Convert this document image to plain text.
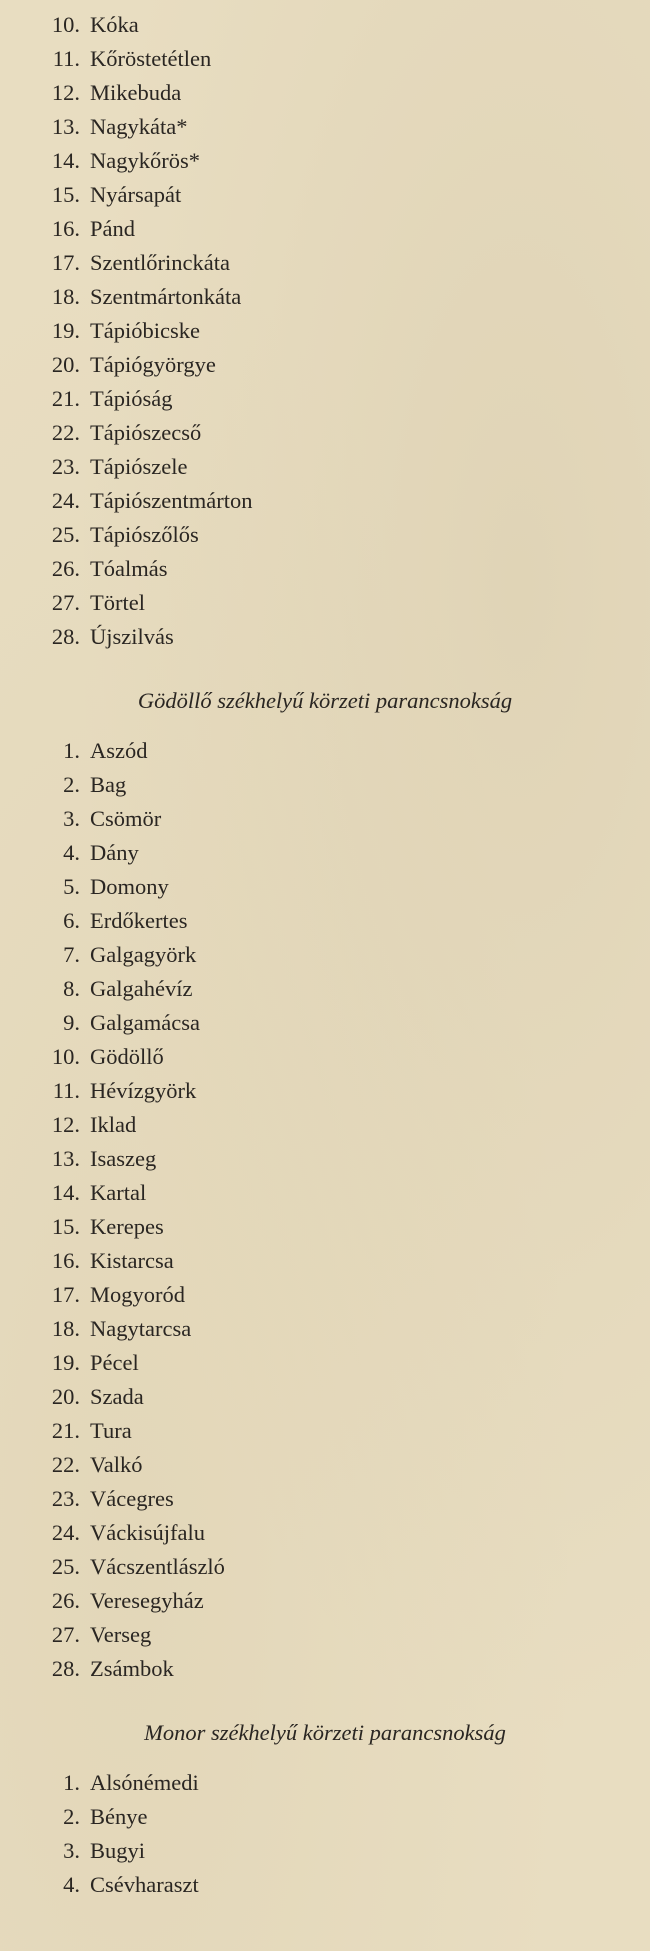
10. Kóka
11. Kőröstetétlen
12. Mikebuda
13. Nagykáta*
14. Nagykőrös*
15. Nyársapát
16. Pánd
17. Szentlőrinckáta
18. Szentmártonkáta
19. Tápióbicske
20. Tápiógyörgye
21. Tápióság
22. Tápiószecső
23. Tápiószele
24. Tápiószentmárton
25. Tápiószőlős
26. Tóalmás
27. Törtel
28. Újszilvás
Gödöllő székhelyű körzeti parancsnokság
1. Aszód
2. Bag
3. Csömör
4. Dány
5. Domony
6. Erdőkertes
7. Galgagyörk
8. Galgahévíz
9. Galgamácsa
10. Gödöllő
11. Hévízgyörk
12. Iklad
13. Isaszeg
14. Kartal
15. Kerepes
16. Kistarcsa
17. Mogyoród
18. Nagytarcsa
19. Pécel
20. Szada
21. Tura
22. Valkó
23. Vácegres
24. Váckisújfalu
25. Vácszentlászló
26. Veresegyház
27. Verseg
28. Zsámbok
Monor székhelyű körzeti parancsnokság
1. Alsónémedi
2. Bénye
3. Bugyi
4. Csévharaszt
